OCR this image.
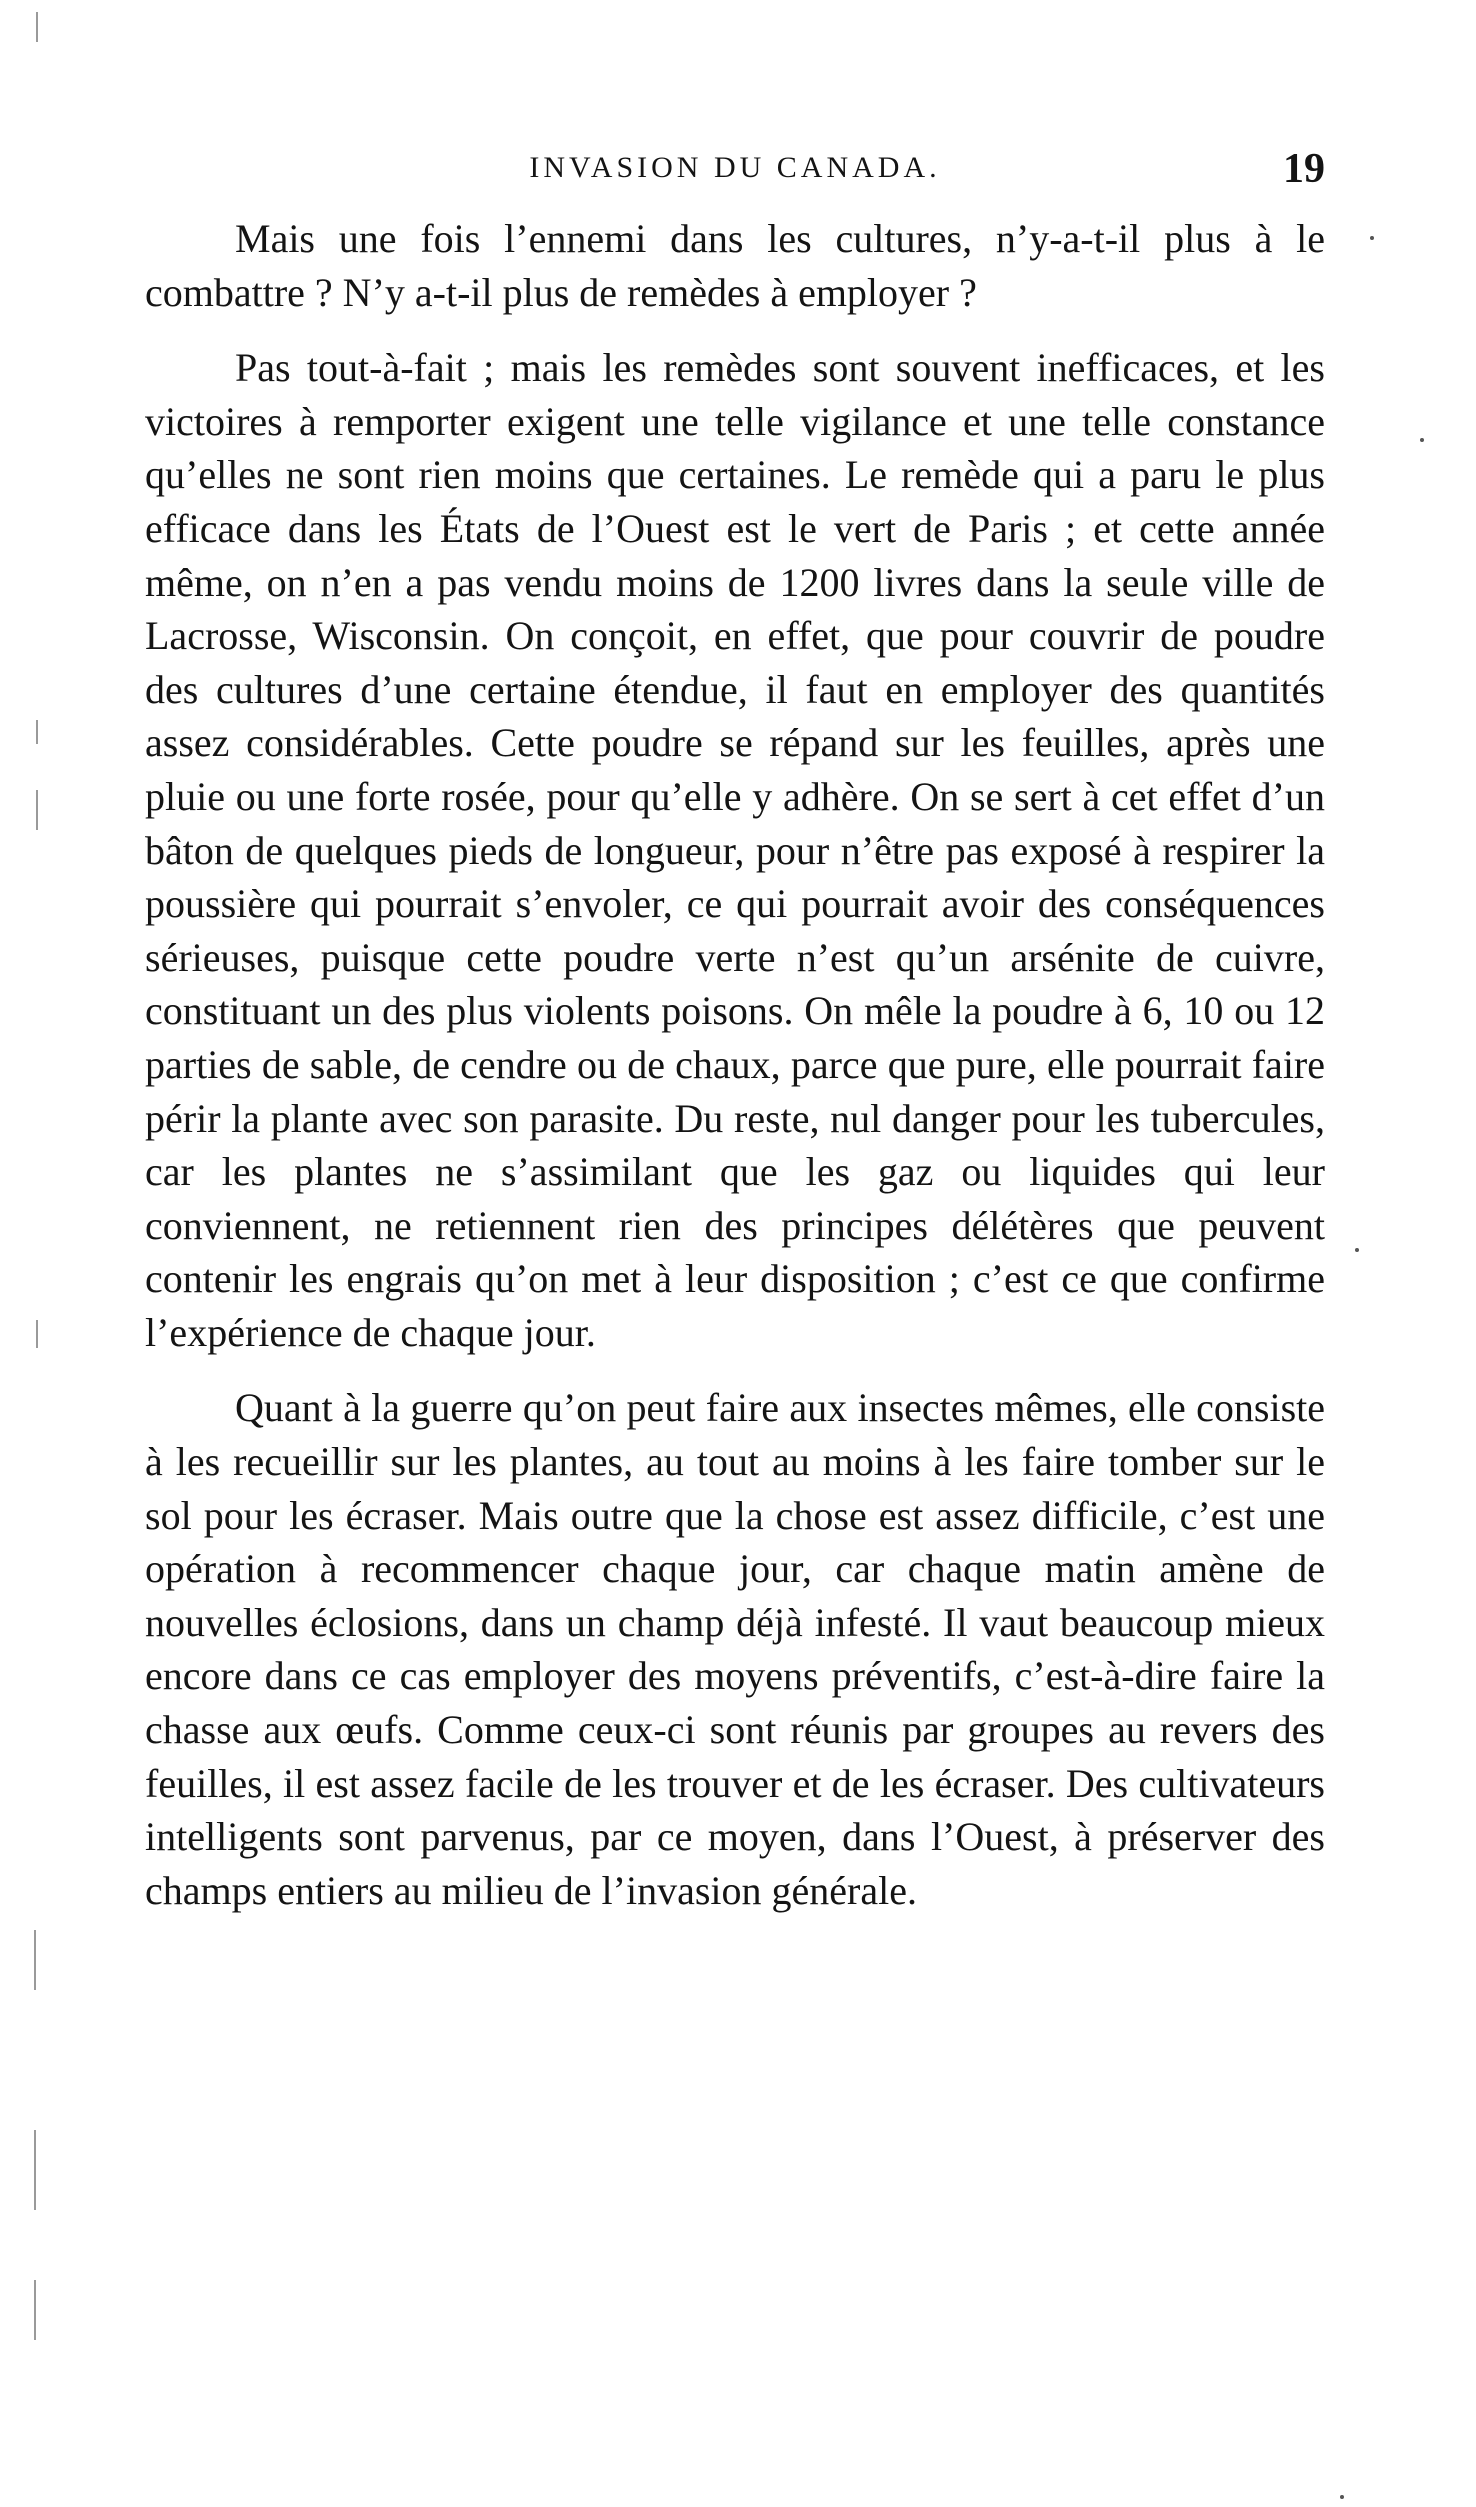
INVASION DU CANADA.	19

Mais une fois l’ennemi dans les cultures, n’y-a-t-il plus à le combattre ? N’y a-t-il plus de remèdes à employer ?

Pas tout-à-fait ; mais les remèdes sont souvent inefficaces, et les victoires à remporter exigent une telle vigilance et une telle constance qu’elles ne sont rien moins que certaines. Le remède qui a paru le plus efficace dans les États de l’Ouest est le vert de Paris ; et cette année même, on n’en a pas vendu moins de 1200 livres dans la seule ville de Lacrosse, Wisconsin. On conçoit, en effet, que pour couvrir de poudre des cultures d’une certaine étendue, il faut en employer des quantités assez considérables. Cette poudre se répand sur les feuilles, après une pluie ou une forte rosée, pour qu’elle y adhère. On se sert à cet effet d’un bâton de quelques pieds de longueur, pour n’être pas exposé à respirer la poussière qui pourrait s’envoler, ce qui pourrait avoir des conséquences sérieuses, puisque cette poudre verte n’est qu’un arsénite de cuivre, constituant un des plus violents poisons. On mêle la poudre à 6, 10 ou 12 parties de sable, de cendre ou de chaux, parce que pure, elle pourrait faire périr la plante avec son parasite. Du reste, nul danger pour les tubercules, car les plantes ne s’assimilant que les gaz ou liquides qui leur conviennent, ne retiennent rien des principes délétères que peuvent contenir les engrais qu’on met à leur disposition ; c’est ce que confirme l’expérience de chaque jour.

Quant à la guerre qu’on peut faire aux insectes mêmes, elle consiste à les recueillir sur les plantes, au tout au moins à les faire tomber sur le sol pour les écraser. Mais outre que la chose est assez difficile, c’est une opération à recommencer chaque jour, car chaque matin amène de nouvelles éclosions, dans un champ déjà infesté. Il vaut beaucoup mieux encore dans ce cas employer des moyens préventifs, c’est-à-dire faire la chasse aux œufs. Comme ceux-ci sont réunis par groupes au revers des feuilles, il est assez facile de les trouver et de les écraser. Des cultivateurs intelligents sont parvenus, par ce moyen, dans l’Ouest, à préserver des champs entiers au milieu de l’invasion générale.
